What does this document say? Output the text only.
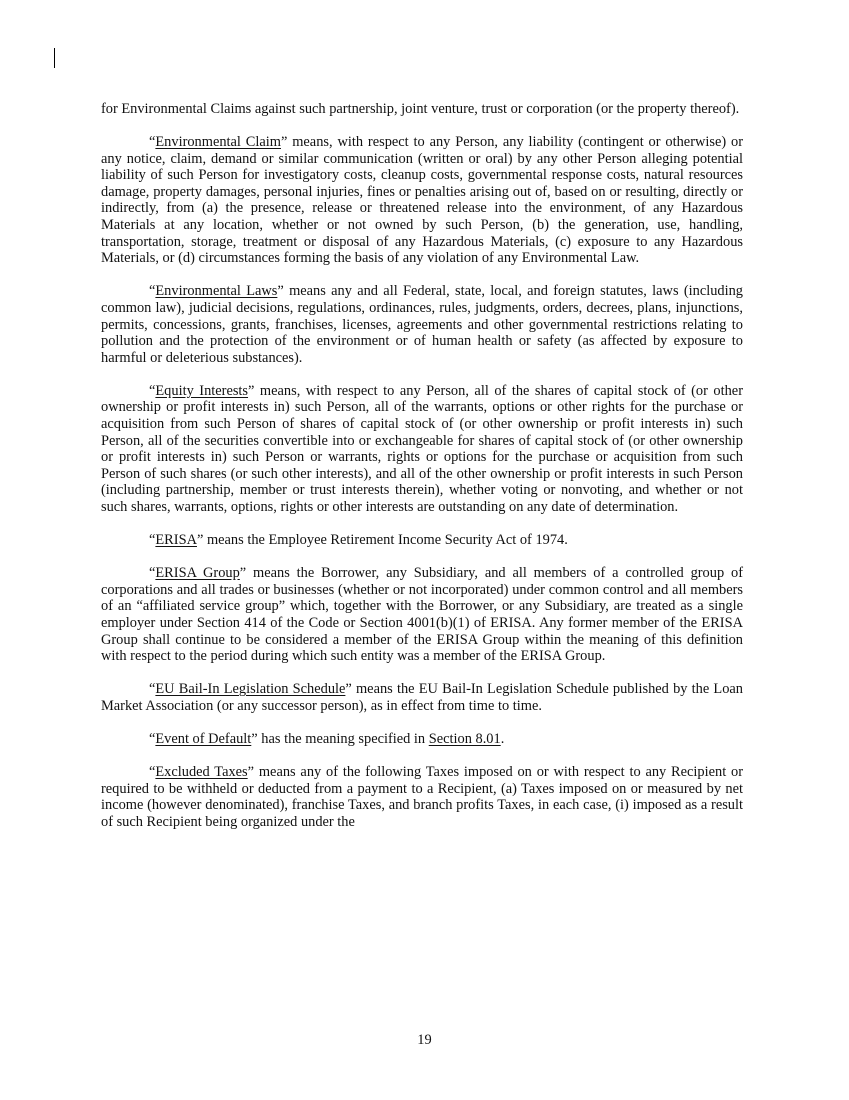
for Environmental Claims against such partnership, joint venture, trust or corporation (or the property thereof).

“Environmental Claim” means, with respect to any Person, any liability (contingent or otherwise) or any notice, claim, demand or similar communication (written or oral) by any other Person alleging potential liability of such Person for investigatory costs, cleanup costs, governmental response costs, natural resources damage, property damages, personal injuries, fines or penalties arising out of, based on or resulting, directly or indirectly, from (a) the presence, release or threatened release into the environment, of any Hazardous Materials at any location, whether or not owned by such Person, (b) the generation, use, handling, transportation, storage, treatment or disposal of any Hazardous Materials, (c) exposure to any Hazardous Materials, or (d) circumstances forming the basis of any violation of any Environmental Law.

“Environmental Laws” means any and all Federal, state, local, and foreign statutes, laws (including common law), judicial decisions, regulations, ordinances, rules, judgments, orders, decrees, plans, injunctions, permits, concessions, grants, franchises, licenses, agreements and other governmental restrictions relating to pollution and the protection of the environment or of human health or safety (as affected by exposure to harmful or deleterious substances).

“Equity Interests” means, with respect to any Person, all of the shares of capital stock of (or other ownership or profit interests in) such Person, all of the warrants, options or other rights for the purchase or acquisition from such Person of shares of capital stock of (or other ownership or profit interests in) such Person, all of the securities convertible into or exchangeable for shares of capital stock of (or other ownership or profit interests in) such Person or warrants, rights or options for the purchase or acquisition from such Person of such shares (or such other interests), and all of the other ownership or profit interests in such Person (including partnership, member or trust interests therein), whether voting or nonvoting, and whether or not such shares, warrants, options, rights or other interests are outstanding on any date of determination.

“ERISA” means the Employee Retirement Income Security Act of 1974.

“ERISA Group” means the Borrower, any Subsidiary, and all members of a controlled group of corporations and all trades or businesses (whether or not incorporated) under common control and all members of an “affiliated service group” which, together with the Borrower, or any Subsidiary, are treated as a single employer under Section 414 of the Code or Section 4001(b)(1) of ERISA. Any former member of the ERISA Group shall continue to be considered a member of the ERISA Group within the meaning of this definition with respect to the period during which such entity was a member of the ERISA Group.

“EU Bail-In Legislation Schedule” means the EU Bail-In Legislation Schedule published by the Loan Market Association (or any successor person), as in effect from time to time.

“Event of Default” has the meaning specified in Section 8.01.

“Excluded Taxes” means any of the following Taxes imposed on or with respect to any Recipient or required to be withheld or deducted from a payment to a Recipient, (a) Taxes imposed on or measured by net income (however denominated), franchise Taxes, and branch profits Taxes, in each case, (i) imposed as a result of such Recipient being organized under the

19
